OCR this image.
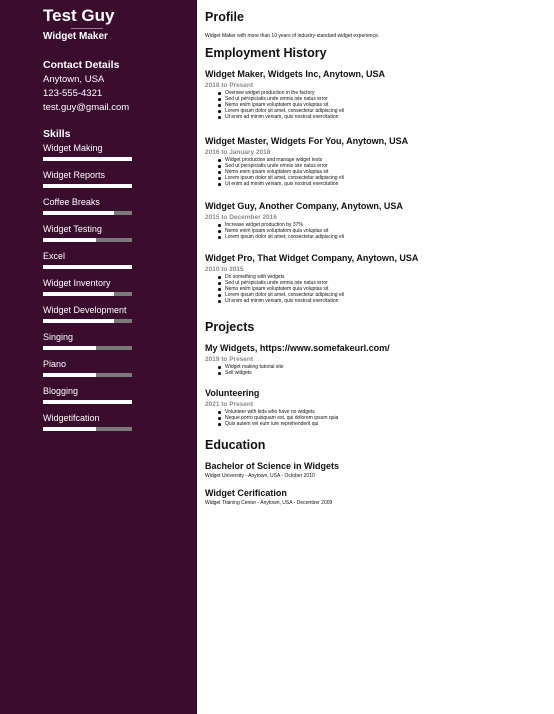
Test Guy
Widget Maker
Contact Details
Anytown, USA
123-555-4321
test.guy@gmail.com
Skills
Widget Making
Widget Reports
Coffee Breaks
Widget Testing
Excel
Widget Inventory
Widget Development
Singing
Piano
Blogging
Widgetifcation
Profile
Widget Maker with more than 10 years of industry-standard widget experience.
Employment History
Widget Maker, Widgets Inc, Anytown, USA
2018 to Present
Oversee widget production in the factory
Sed ut perspiciatis unde omnis iste natus error
Nemo enim ipsam voluptatem quia voluptas sit
Lorem ipsum dolor sit amet, consectetur adipiscing eli
Ut enim ad minim veniam, quis nostrud exercitation
Widget Master, Widgets For You, Anytown, USA
2016 to January 2018
Widget production and manage widget tests
Sed ut perspiciatis unde omnis iste natus error
Nemo enim ipsam voluptatem quia voluptas sit
Lorem ipsum dolor sit amet, consectetur adipiscing eli
Ut enim ad minim veniam, quis nostrud exercitation
Widget Guy, Another Company, Anytown, USA
2015 to December 2016
Increase widget production by 37%
Nemo enim ipsam voluptatem quia voluptas sit
Lorem ipsum dolor sit amet, consectetur adipiscing eli
Widget Pro, That Widget Company, Anytown, USA
2010 to 2015
Do something with widgets
Sed ut perspiciatis unde omnis iste natus error
Nemo enim ipsam voluptatem quia voluptas sit
Lorem ipsum dolor sit amet, consectetur adipiscing eli
Ut enim ad minim veniam, quis nostrud exercitation
Projects
My Widgets, https://www.somefakeurl.com/
2019 to Present
Widget making tutorial site
Sell widgets
Volunteering
2021 to Present
Volunteer with kids who have no widgets
Neque porro quisquam est, qui dolorem ipsum quia
Quis autem vel eum iure reprehenderit qui
Education
Bachelor of Science in Widgets
Widget University - Anytown, USA - October 2010
Widget Cerification
Widget Training Center - Anytown, USA - December 2009
